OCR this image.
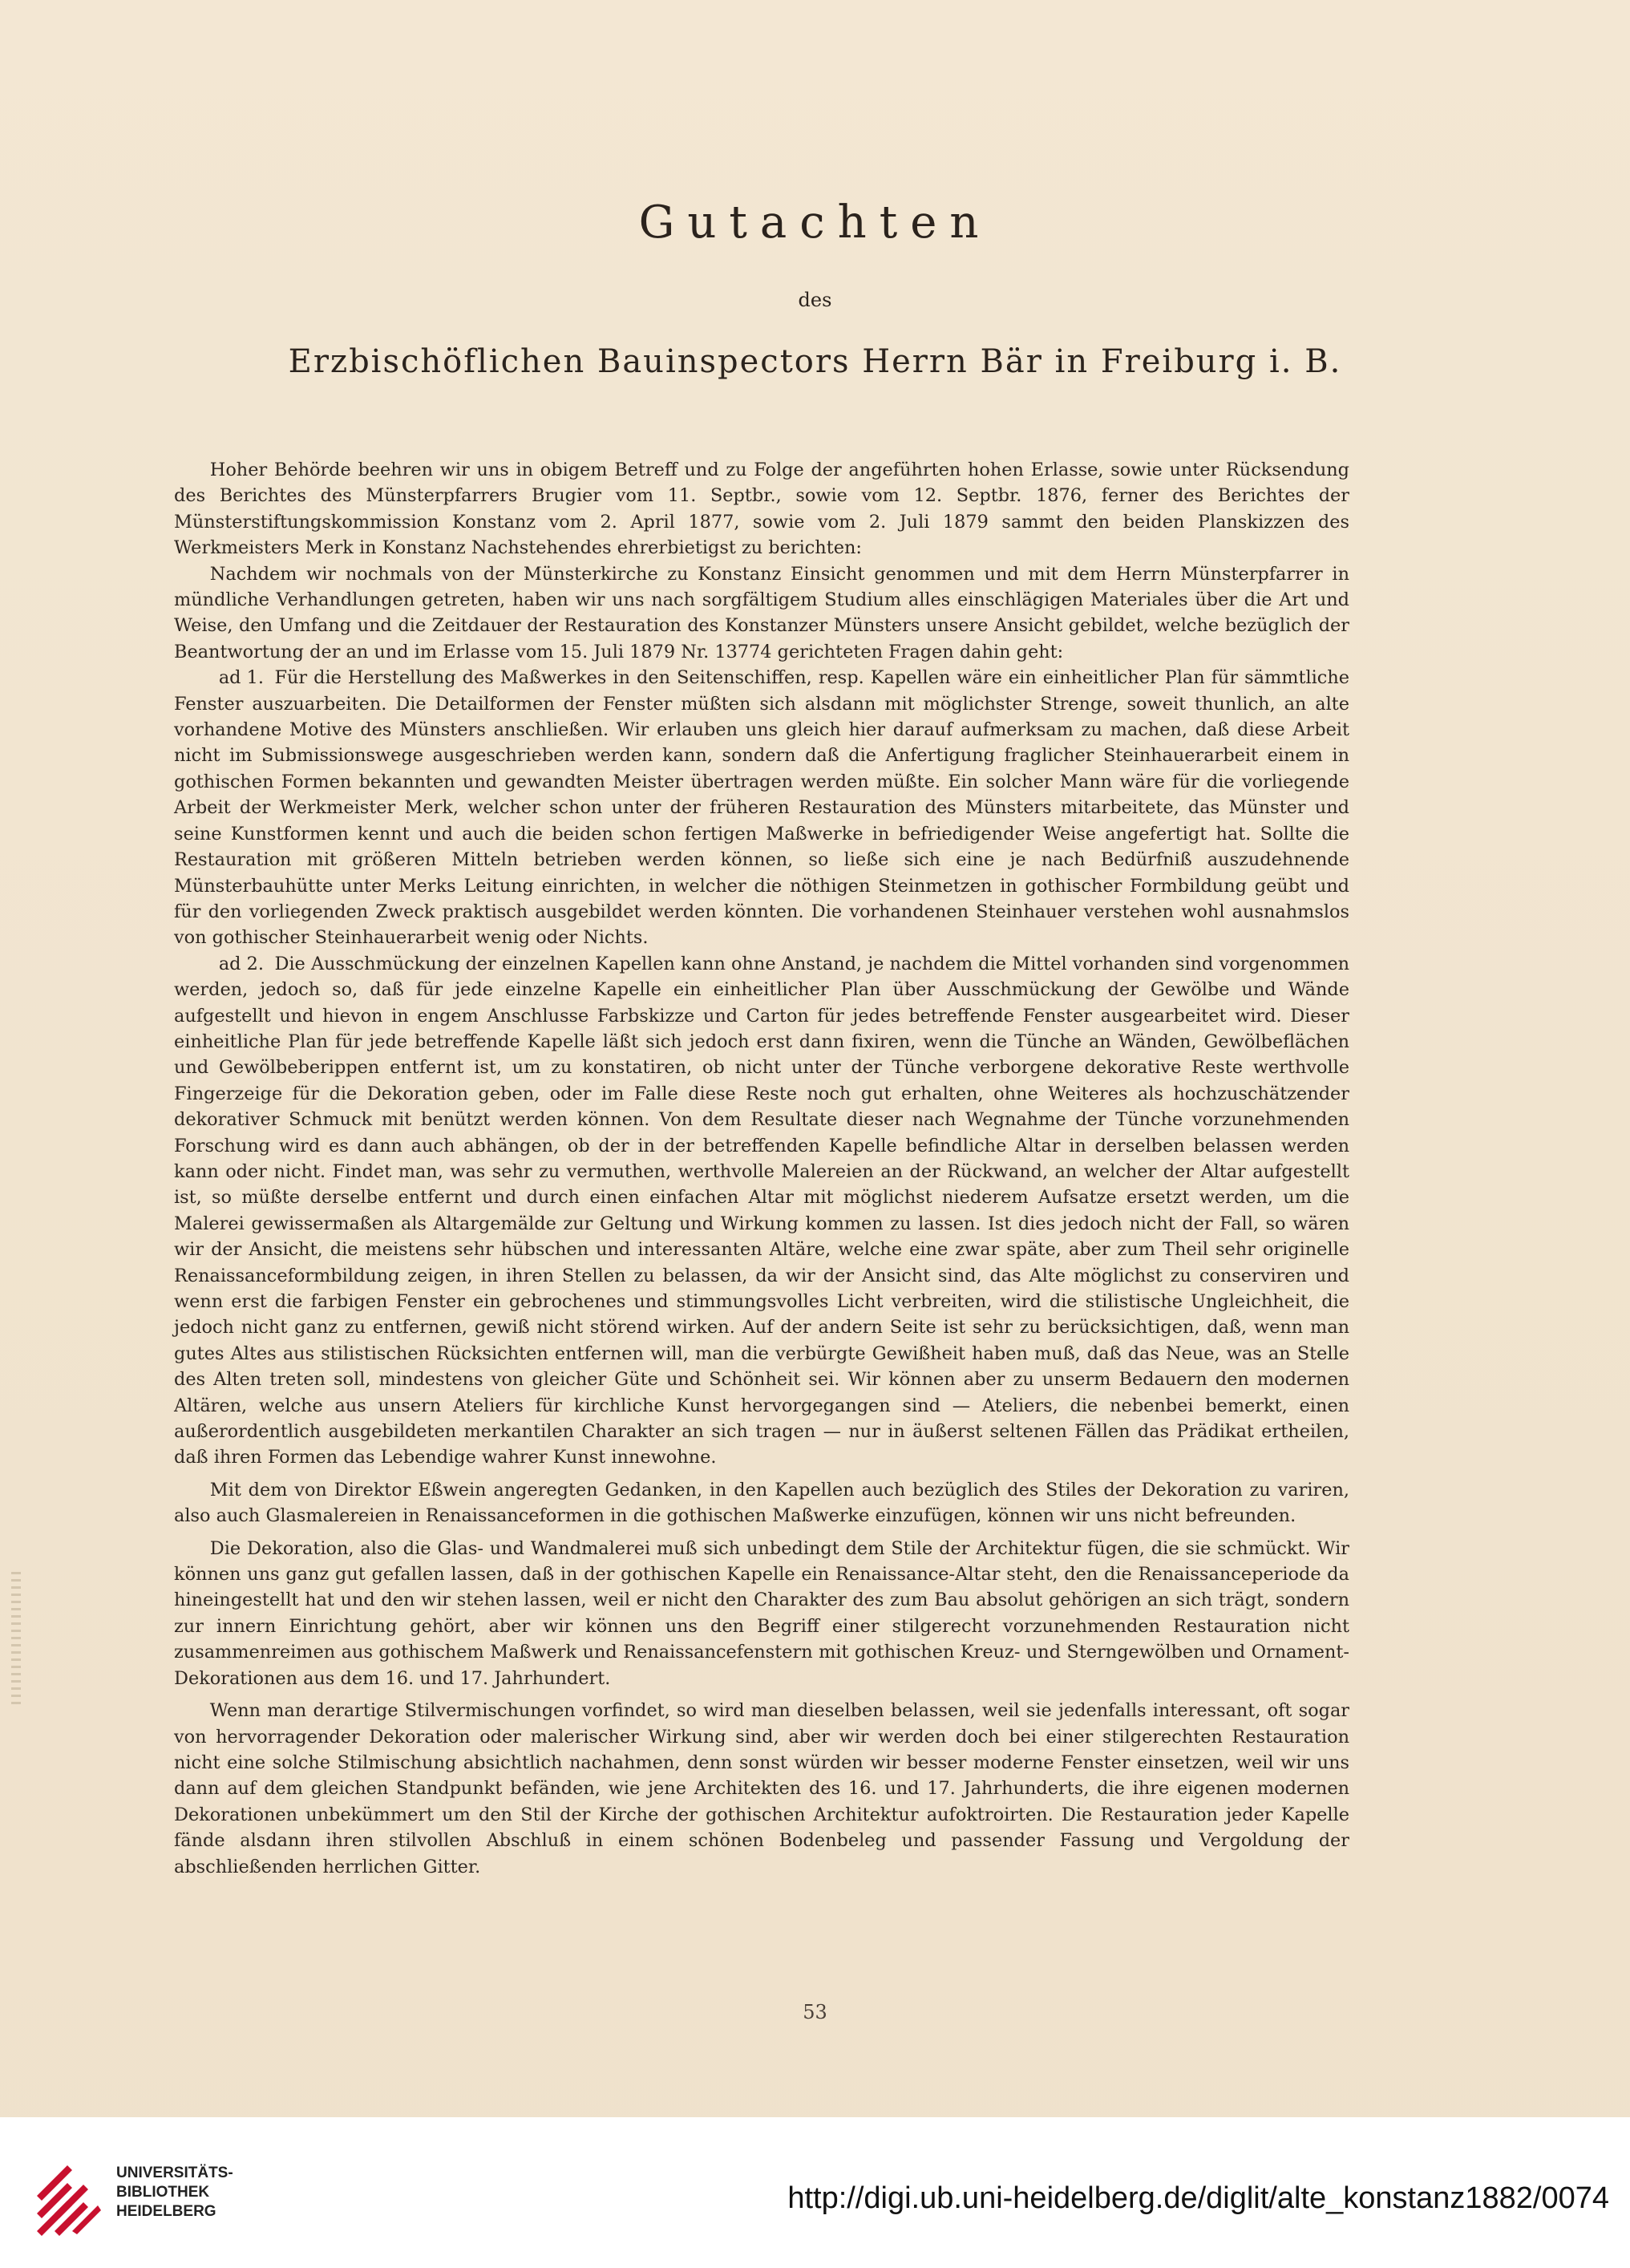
Gutachten
des
Erzbischöflichen Bauinspectors Herrn Bär in Freiburg i. B.

Hoher Behörde beehren wir uns in obigem Betreff und zu Folge der angeführten hohen Erlasse, sowie unter Rücksendung des Berichtes des Münsterpfarrers Brugier vom 11. Septbr., sowie vom 12. Septbr. 1876, ferner des Berichtes der Münsterstiftungskommission Konstanz vom 2. April 1877, sowie vom 2. Juli 1879 sammt den beiden Planskizzen des Werkmeisters Merk in Konstanz Nachstehendes ehrerbietigst zu berichten:

Nachdem wir nochmals von der Münsterkirche zu Konstanz Einsicht genommen und mit dem Herrn Münsterpfarrer in mündliche Verhandlungen getreten, haben wir uns nach sorgfältigem Studium alles einschlägigen Materiales über die Art und Weise, den Umfang und die Zeitdauer der Restauration des Konstanzer Münsters unsere Ansicht gebildet, welche bezüglich der Beantwortung der an und im Erlasse vom 15. Juli 1879 Nr. 13774 gerichteten Fragen dahin geht:

ad 1. Für die Herstellung des Maßwerkes in den Seitenschiffen, resp. Kapellen wäre ein einheitlicher Plan für sämmtliche Fenster auszuarbeiten. Die Detailformen der Fenster müßten sich alsdann mit möglichster Strenge, soweit thunlich, an alte vorhandene Motive des Münsters anschließen. Wir erlauben uns gleich hier darauf aufmerksam zu machen, daß diese Arbeit nicht im Submissionswege ausgeschrieben werden kann, sondern daß die Anfertigung fraglicher Steinhauerarbeit einem in gothischen Formen bekannten und gewandten Meister übertragen werden müßte. Ein solcher Mann wäre für die vorliegende Arbeit der Werkmeister Merk, welcher schon unter der früheren Restauration des Münsters mitarbeitete, das Münster und seine Kunstformen kennt und auch die beiden schon fertigen Maßwerke in befriedigender Weise angefertigt hat. Sollte die Restauration mit größeren Mitteln betrieben werden können, so ließe sich eine je nach Bedürfniß auszudehnende Münsterbauhütte unter Merks Leitung einrichten, in welcher die nöthigen Steinmetzen in gothischer Formbildung geübt und für den vorliegenden Zweck praktisch ausgebildet werden könnten. Die vorhandenen Steinhauer verstehen wohl ausnahmslos von gothischer Steinhauerarbeit wenig oder Nichts.

ad 2. Die Ausschmückung der einzelnen Kapellen kann ohne Anstand, je nachdem die Mittel vorhanden sind vorgenommen werden, jedoch so, daß für jede einzelne Kapelle ein einheitlicher Plan über Ausschmückung der Gewölbe und Wände aufgestellt und hievon in engem Anschlusse Farbskizze und Carton für jedes betreffende Fenster ausgearbeitet wird. Dieser einheitliche Plan für jede betreffende Kapelle läßt sich jedoch erst dann fixiren, wenn die Tünche an Wänden, Gewölbeflächen und Gewölbeberippen entfernt ist, um zu konstatiren, ob nicht unter der Tünche verborgene dekorative Reste werthvolle Fingerzeige für die Dekoration geben, oder im Falle diese Reste noch gut erhalten, ohne Weiteres als hochzuschätzender dekorativer Schmuck mit benützt werden können. Von dem Resultate dieser nach Wegnahme der Tünche vorzunehmenden Forschung wird es dann auch abhängen, ob der in der betreffenden Kapelle befindliche Altar in derselben belassen werden kann oder nicht. Findet man, was sehr zu vermuthen, werthvolle Malereien an der Rückwand, an welcher der Altar aufgestellt ist, so müßte derselbe entfernt und durch einen einfachen Altar mit möglichst niederem Aufsatze ersetzt werden, um die Malerei gewissermaßen als Altargemälde zur Geltung und Wirkung kommen zu lassen. Ist dies jedoch nicht der Fall, so wären wir der Ansicht, die meistens sehr hübschen und interessanten Altäre, welche eine zwar späte, aber zum Theil sehr originelle Renaissanceformbildung zeigen, in ihren Stellen zu belassen, da wir der Ansicht sind, das Alte möglichst zu conserviren und wenn erst die farbigen Fenster ein gebrochenes und stimmungsvolles Licht verbreiten, wird die stilistische Ungleichheit, die jedoch nicht ganz zu entfernen, gewiß nicht störend wirken. Auf der andern Seite ist sehr zu berücksichtigen, daß, wenn man gutes Altes aus stilistischen Rücksichten entfernen will, man die verbürgte Gewißheit haben muß, daß das Neue, was an Stelle des Alten treten soll, mindestens von gleicher Güte und Schönheit sei. Wir können aber zu unserm Bedauern den modernen Altären, welche aus unsern Ateliers für kirchliche Kunst hervorgegangen sind — Ateliers, die nebenbei bemerkt, einen außerordentlich ausgebildeten merkantilen Charakter an sich tragen — nur in äußerst seltenen Fällen das Prädikat ertheilen, daß ihren Formen das Lebendige wahrer Kunst innewohne.

Mit dem von Direktor Eßwein angeregten Gedanken, in den Kapellen auch bezüglich des Stiles der Dekoration zu variren, also auch Glasmalereien in Renaissanceformen in die gothischen Maßwerke einzufügen, können wir uns nicht befreunden.

Die Dekoration, also die Glas- und Wandmalerei muß sich unbedingt dem Stile der Architektur fügen, die sie schmückt. Wir können uns ganz gut gefallen lassen, daß in der gothischen Kapelle ein Renaissance-Altar steht, den die Renaissanceperiode da hineingestellt hat und den wir stehen lassen, weil er nicht den Charakter des zum Bau absolut gehörigen an sich trägt, sondern zur innern Einrichtung gehört, aber wir können uns den Begriff einer stilgerecht vorzunehmenden Restauration nicht zusammenreimen aus gothischem Maßwerk und Renaissancefenstern mit gothischen Kreuz- und Sterngewölben und Ornament-Dekorationen aus dem 16. und 17. Jahrhundert.

Wenn man derartige Stilvermischungen vorfindet, so wird man dieselben belassen, weil sie jedenfalls interessant, oft sogar von hervorragender Dekoration oder malerischer Wirkung sind, aber wir werden doch bei einer stilgerechten Restauration nicht eine solche Stilmischung absichtlich nachahmen, denn sonst würden wir besser moderne Fenster einsetzen, weil wir uns dann auf dem gleichen Standpunkt befänden, wie jene Architekten des 16. und 17. Jahrhunderts, die ihre eigenen modernen Dekorationen unbekümmert um den Stil der Kirche der gothischen Architektur aufoktroirten. Die Restauration jeder Kapelle fände alsdann ihren stilvollen Abschluß in einem schönen Bodenbeleg und passender Fassung und Vergoldung der abschließenden herrlichen Gitter.

53
UNIVERSITÄTS-
BIBLIOTHEK
HEIDELBERG	http://digi.ub.uni-heidelberg.de/diglit/alte_konstanz1882/0074
